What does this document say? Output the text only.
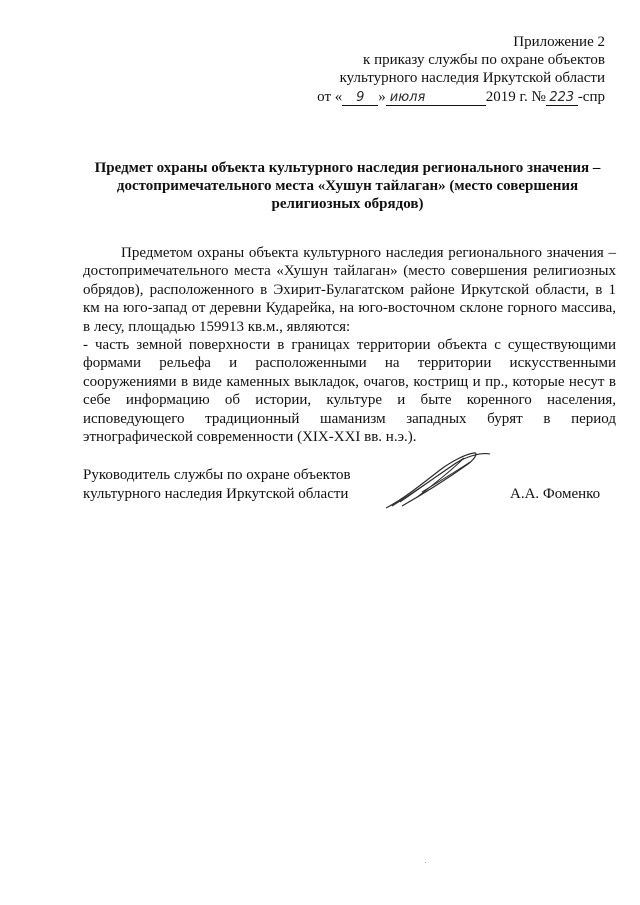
Приложение 2
к приказу службы по охране объектов
культурного наследия Иркутской области
от «	9 » июля	2019 г. № 223 -спр
Предмет охраны объекта культурного наследия регионального значения – достопримечательного места «Хушун тайлаган» (место совершения религиозных обрядов)

Предметом охраны объекта культурного наследия регионального значения – достопримечательного места «Хушун тайлаган» (место совершения религиозных обрядов), расположенного в Эхирит-Булагатском районе Иркутской области, в 1 км на юго-запад от деревни Кударейка, на юго-восточном склоне горного массива, в лесу, площадью 159913 кв.м., являются:

- часть земной поверхности в границах территории объекта с существующими формами рельефа и расположенными на территории искусственными сооружениями в виде каменных выкладок, очагов, кострищ и пр., которые несут в себе информацию об истории, культуре и быте коренного населения, исповедующего традиционный шаманизм западных бурят в период этнографической современности (XIX-XXI вв. н.э.).

Руководитель службы по охране объектов
культурного наследия Иркутской области	А.А. Фоменко
